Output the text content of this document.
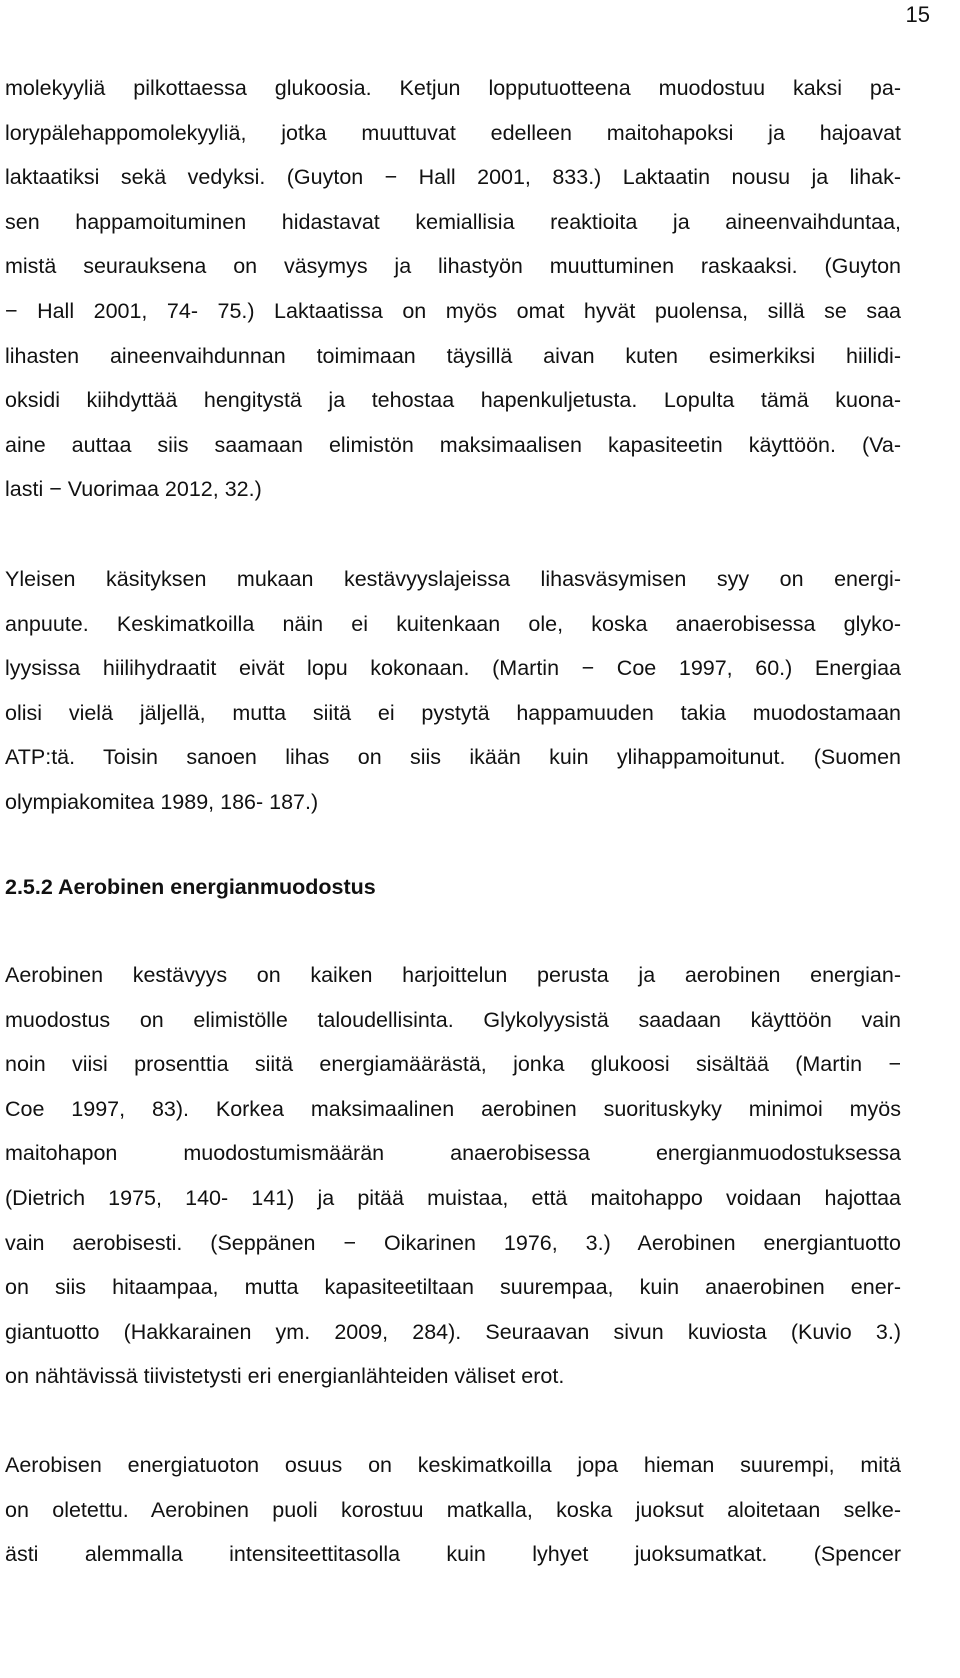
15
molekyyliä pilkottaessa glukoosia. Ketjun lopputuotteena muodostuu kaksi pa-
lorypälehappomolekyyliä, jotka muuttuvat edelleen maitohapoksi ja hajoavat
laktaatiksi sekä vedyksi. (Guyton − Hall 2001, 833.) Laktaatin nousu ja lihak-
sen happamoituminen hidastavat kemiallisia reaktioita ja aineenvaihduntaa,
mistä seurauksena on väsymys ja lihastyön muuttuminen raskaaksi. (Guyton
− Hall 2001, 74- 75.) Laktaatissa on myös omat hyvät puolensa, sillä se saa
lihasten aineenvaihdunnan toimimaan täysillä aivan kuten esimerkiksi hiilidi-
oksidi kiihdyttää hengitystä ja tehostaa hapenkuljetusta. Lopulta tämä kuona-
aine auttaa siis saamaan elimistön maksimaalisen kapasiteetin käyttöön. (Va-
lasti − Vuorimaa 2012, 32.)
Yleisen käsityksen mukaan kestävyyslajeissa lihasväsymisen syy on energi-
anpuute. Keskimatkoilla näin ei kuitenkaan ole, koska anaerobisessa glyko-
lyysissa hiilihydraatit eivät lopu kokonaan. (Martin − Coe 1997, 60.) Energiaa
olisi vielä jäljellä, mutta siitä ei pystytä happamuuden takia muodostamaan
ATP:tä. Toisin sanoen lihas on siis ikään kuin ylihappamoitunut. (Suomen
olympiakomitea 1989, 186- 187.)
2.5.2 Aerobinen energianmuodostus
Aerobinen kestävyys on kaiken harjoittelun perusta ja aerobinen energian-
muodostus on elimistölle taloudellisinta. Glykolyysistä saadaan käyttöön vain
noin viisi prosenttia siitä energiamäärästä, jonka glukoosi sisältää (Martin −
Coe 1997, 83). Korkea maksimaalinen aerobinen suorituskyky minimoi myös
maitohapon muodostumismäärän anaerobisessa energianmuodostuksessa
(Dietrich 1975, 140- 141) ja pitää muistaa, että maitohappo voidaan hajottaa
vain aerobisesti. (Seppänen − Oikarinen 1976, 3.) Aerobinen energiantuotto
on siis hitaampaa, mutta kapasiteetiltaan suurempaa, kuin anaerobinen ener-
giantuotto (Hakkarainen ym. 2009, 284). Seuraavan sivun kuviosta (Kuvio 3.)
on nähtävissä tiivistetysti eri energianlähteiden väliset erot.
Aerobisen energiatuoton osuus on keskimatkoilla jopa hieman suurempi, mitä
on oletettu. Aerobinen puoli korostuu matkalla, koska juoksut aloitetaan selke-
ästi alemmalla intensiteettitasolla kuin lyhyet juoksumatkat. (Spencer
